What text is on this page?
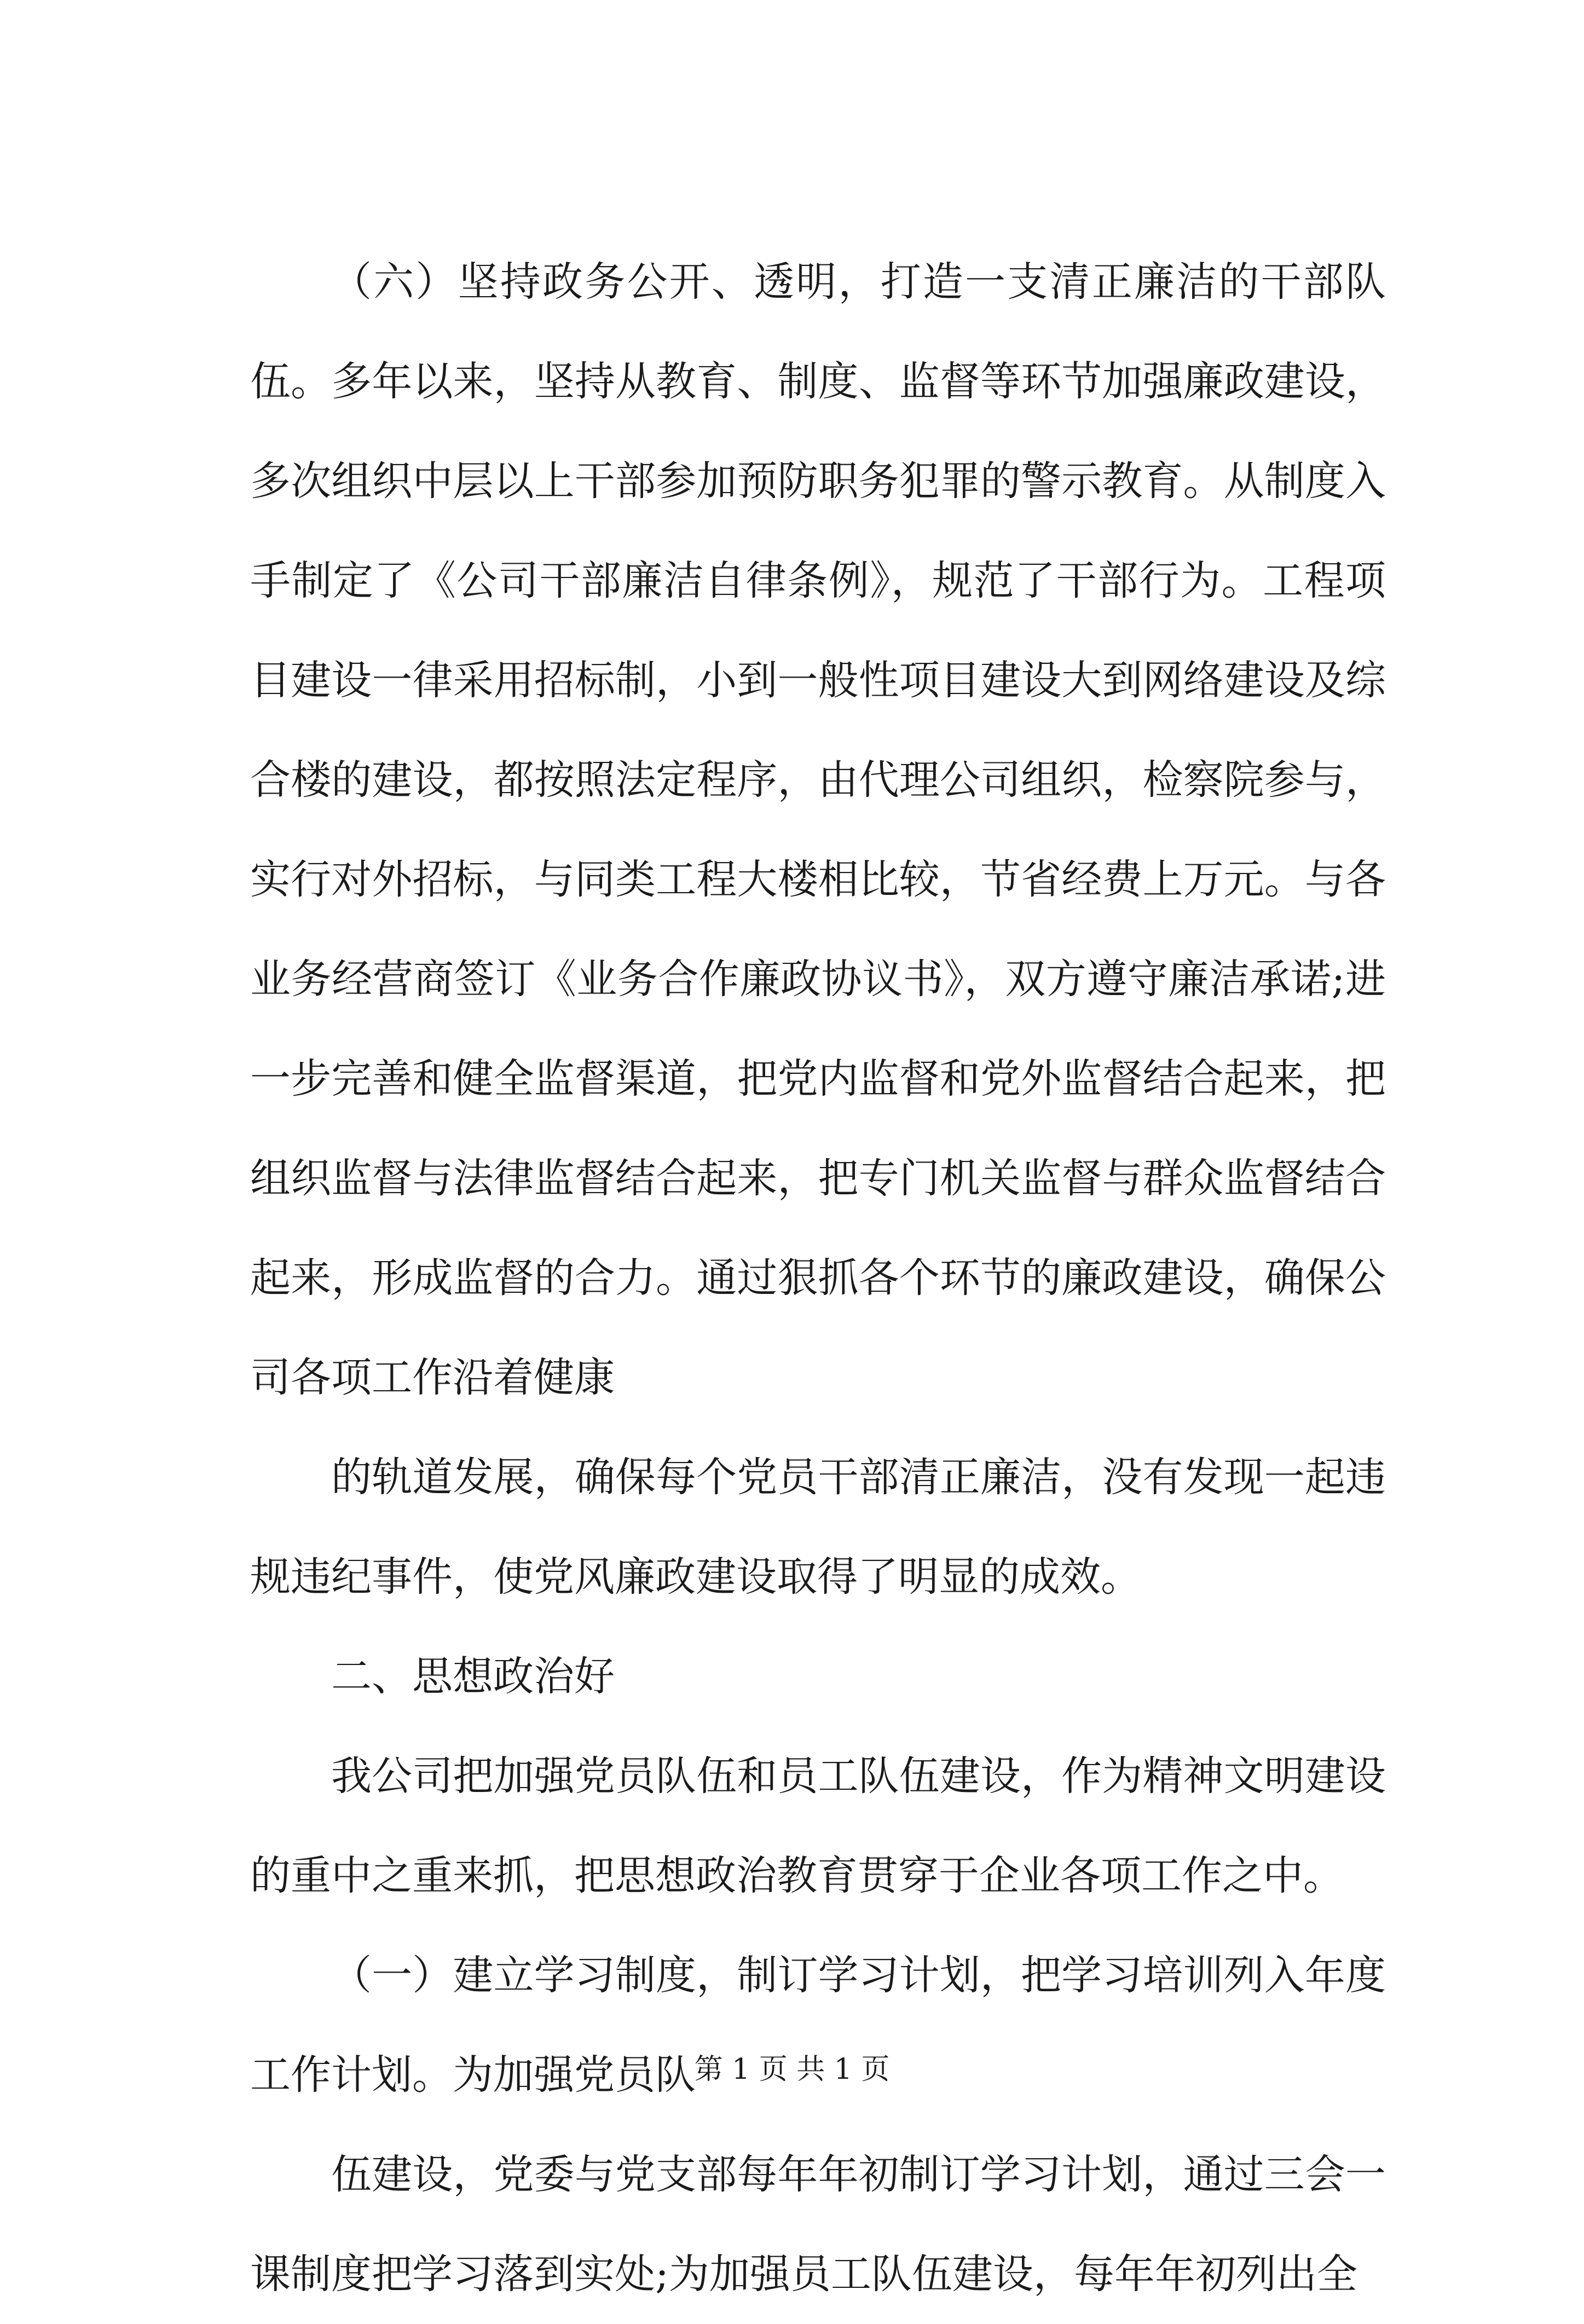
（六）坚持政务公开、透明，打造一支清正廉洁的干部队伍。多年以来，坚持从教育、制度、监督等环节加强廉政建设，多次组织中层以上干部参加预防职务犯罪的警示教育。从制度入手制定了《公司干部廉洁自律条例》，规范了干部行为。工程项目建设一律采用招标制，小到一般性项目建设大到网络建设及综合楼的建设，都按照法定程序，由代理公司组织，检察院参与，实行对外招标，与同类工程大楼相比较，节省经费上万元。与各业务经营商签订《业务合作廉政协议书》，双方遵守廉洁承诺;进一步完善和健全监督渠道，把党内监督和党外监督结合起来，把组织监督与法律监督结合起来，把专门机关监督与群众监督结合起来，形成监督的合力。通过狠抓各个环节的廉政建设，确保公司各项工作沿着健康

的轨道发展，确保每个党员干部清正廉洁，没有发现一起违规违纪事件，使党风廉政建设取得了明显的成效。

二、思想政治好

我公司把加强党员队伍和员工队伍建设，作为精神文明建设的重中之重来抓，把思想政治教育贯穿于企业各项工作之中。

（一）建立学习制度，制订学习计划，把学习培训列入年度工作计划。为加强党员队

伍建设，党委与党支部每年年初制订学习计划，通过三会一课制度把学习落到实处;为加强员工队伍建设，每年年初列出全

第 1 页 共 1 页
